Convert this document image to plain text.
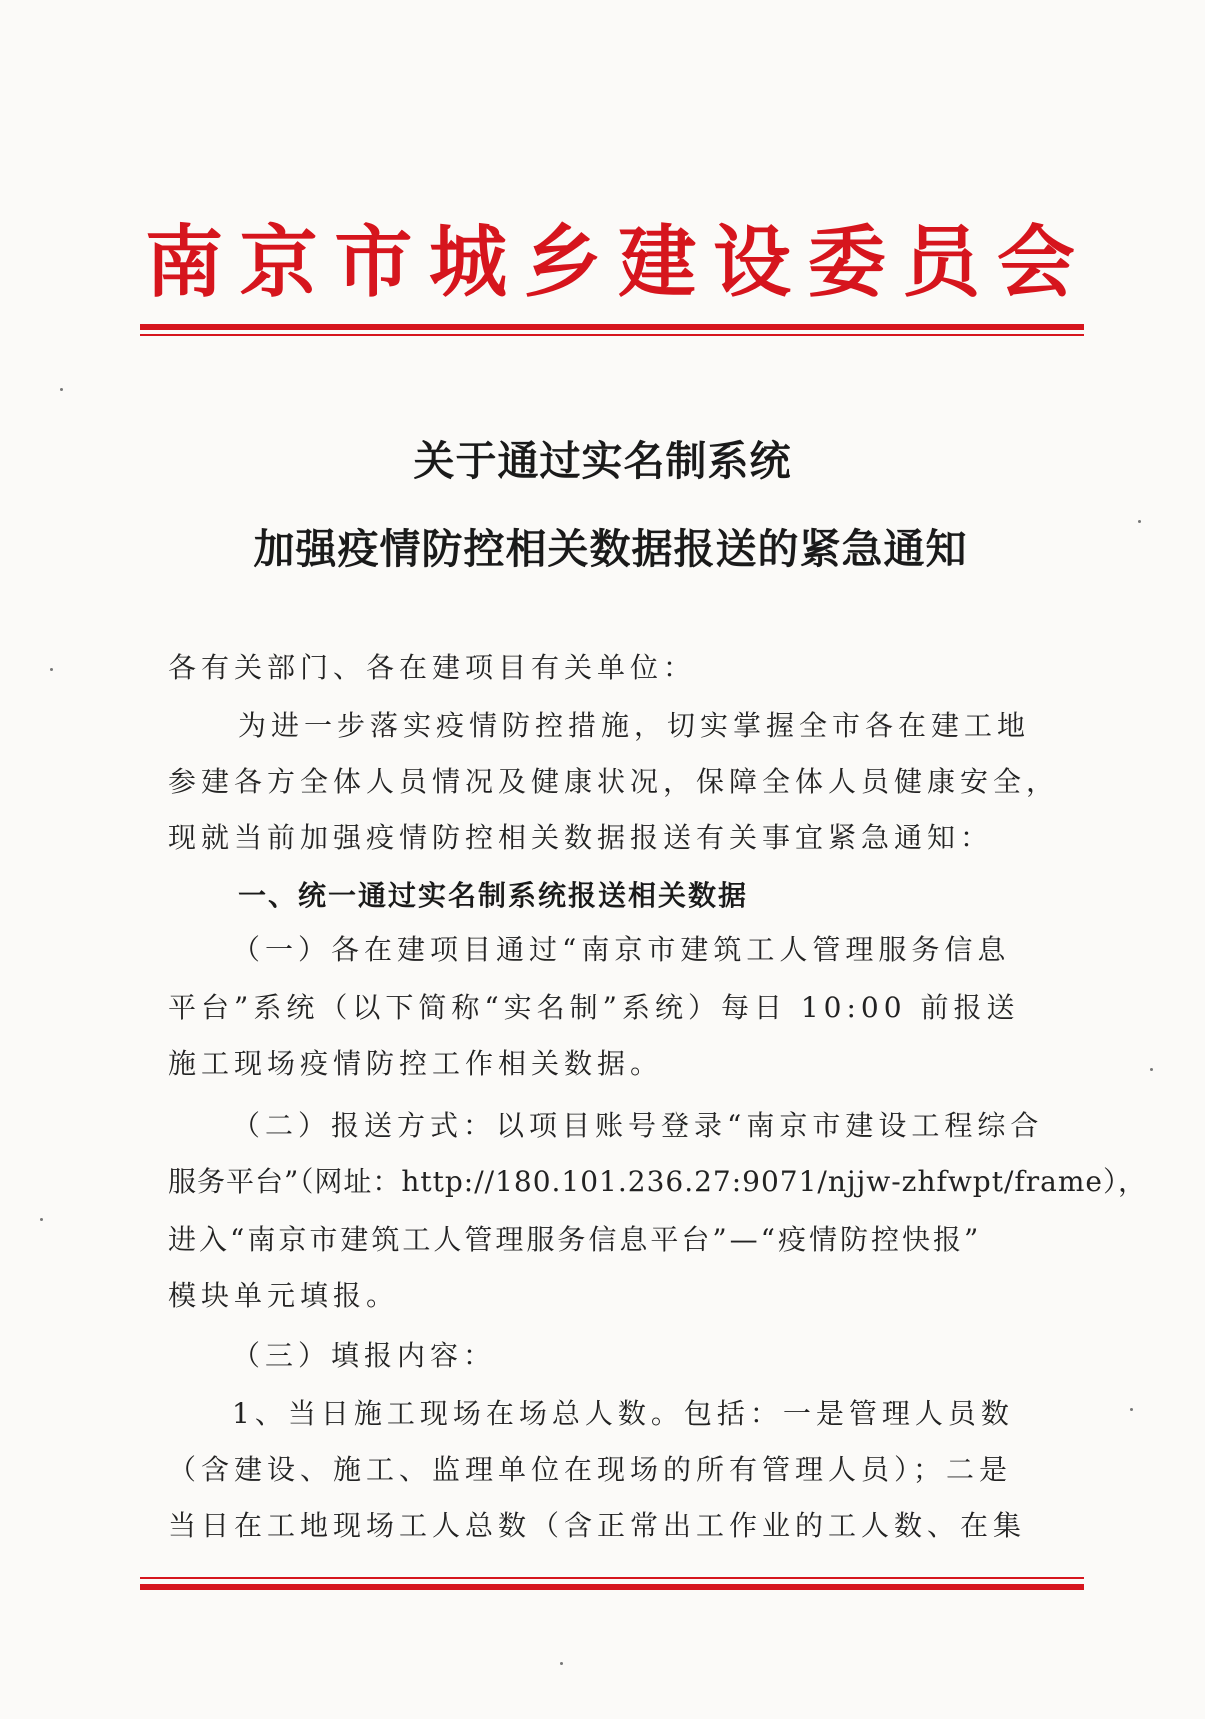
南 京 市 城 乡 建 设 委 员 会
关于通过实名制系统
加强疫情防控相关数据报送的紧急通知
各有关部门、各在建项目有关单位：
为进一步落实疫情防控措施，切实掌握全市各在建工地
参建各方全体人员情况及健康状况，保障全体人员健康安全，
现就当前加强疫情防控相关数据报送有关事宜紧急通知：
一、统一通过实名制系统报送相关数据
（一）各在建项目通过“南京市建筑工人管理服务信息
平台”系统（以下简称“实名制”系统）每日 10:00 前报送
施工现场疫情防控工作相关数据。
（二）报送方式：以项目账号登录“南京市建设工程综合
服务平台”（网址：http://180.101.236.27:9071/njjw-zhfwpt/frame），
进入“南京市建筑工人管理服务信息平台”—“疫情防控快报”
模块单元填报。
（三）填报内容：
1、当日施工现场在场总人数。包括：一是管理人员数
（含建设、施工、监理单位在现场的所有管理人员）；二是
当日在工地现场工人总数（含正常出工作业的工人数、在集
